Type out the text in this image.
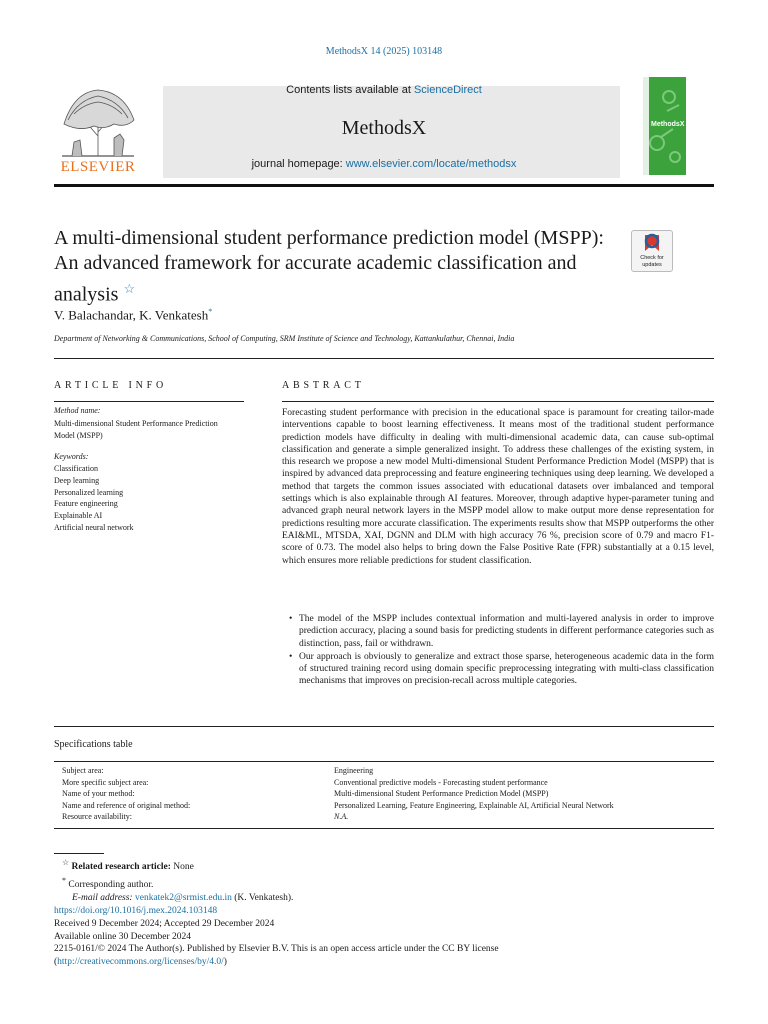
MethodsX 14 (2025) 103148
ELSEVIER
Contents lists available at ScienceDirect
MethodsX
journal homepage: www.elsevier.com/locate/methodsx
MethodsX
A multi-dimensional student performance prediction model (MSPP): An advanced framework for accurate academic classification and analysis ☆
Check for
updates
V. Balachandar, K. Venkatesh*
Department of Networking & Communications, School of Computing, SRM Institute of Science and Technology, Kattankulathur, Chennai, India
ARTICLE INFO	ABSTRACT
Method name:
Multi-dimensional Student Performance Prediction Model (MSPP)
Keywords:
Classification
Deep learning
Personalized learning
Feature engineering
Explainable AI
Artificial neural network
Forecasting student performance with precision in the educational space is paramount for creating tailor-made interventions capable to boost learning effectiveness. It means most of the traditional student performance prediction models have difficulty in dealing with multi-dimensional academic data, can cause sub-optimal classification and generate a simple generalized insight. To address these challenges of the existing system, in this research we propose a new model Multi-dimensional Student Performance Prediction Model (MSPP) that is inspired by advanced data preprocessing and feature engineering techniques using deep learning. We developed a method that targets the common issues associated with educational datasets over imbalanced and temporal settings which is also explainable through AI features. Moreover, through adaptive hyper-parameter tuning and advanced graph neural network layers in the MSPP model allow to make output more dense representation for predictions resulting more accurate classification. The experiments results show that MSPP outperforms the other EAI&ML, MTSDA, XAI, DGNN and DLM with high accuracy 76 %, precision score of 0.79 and macro F1-score of 0.73. The model also helps to bring down the False Positive Rate (FPR) substantially at a 0.15 level, which ensures more reliable predictions for student classification.
• The model of the MSPP includes contextual information and multi-layered analysis in order to improve prediction accuracy, placing a sound basis for predicting students in different performance categories such as distinction, pass, fail or withdrawn.
• Our approach is obviously to generalize and extract those sparse, heterogeneous academic data in the form of structured training record using domain specific preprocessing integrating with multi-class classification mechanisms that improves on precision-recall across multiple categories.
Specifications table
Subject area:	Engineering
More specific subject area:	Conventional predictive models - Forecasting student performance
Name of your method:	Multi-dimensional Student Performance Prediction Model (MSPP)
Name and reference of original method:	Personalized Learning, Feature Engineering, Explainable AI, Artificial Neural Network
Resource availability:	N.A.
☆ Related research article: None
* Corresponding author.
E-mail address: venkatek2@srmist.edu.in (K. Venkatesh).
https://doi.org/10.1016/j.mex.2024.103148
Received 9 December 2024; Accepted 29 December 2024
Available online 30 December 2024
2215-0161/© 2024 The Author(s). Published by Elsevier B.V. This is an open access article under the CC BY license
(http://creativecommons.org/licenses/by/4.0/)
